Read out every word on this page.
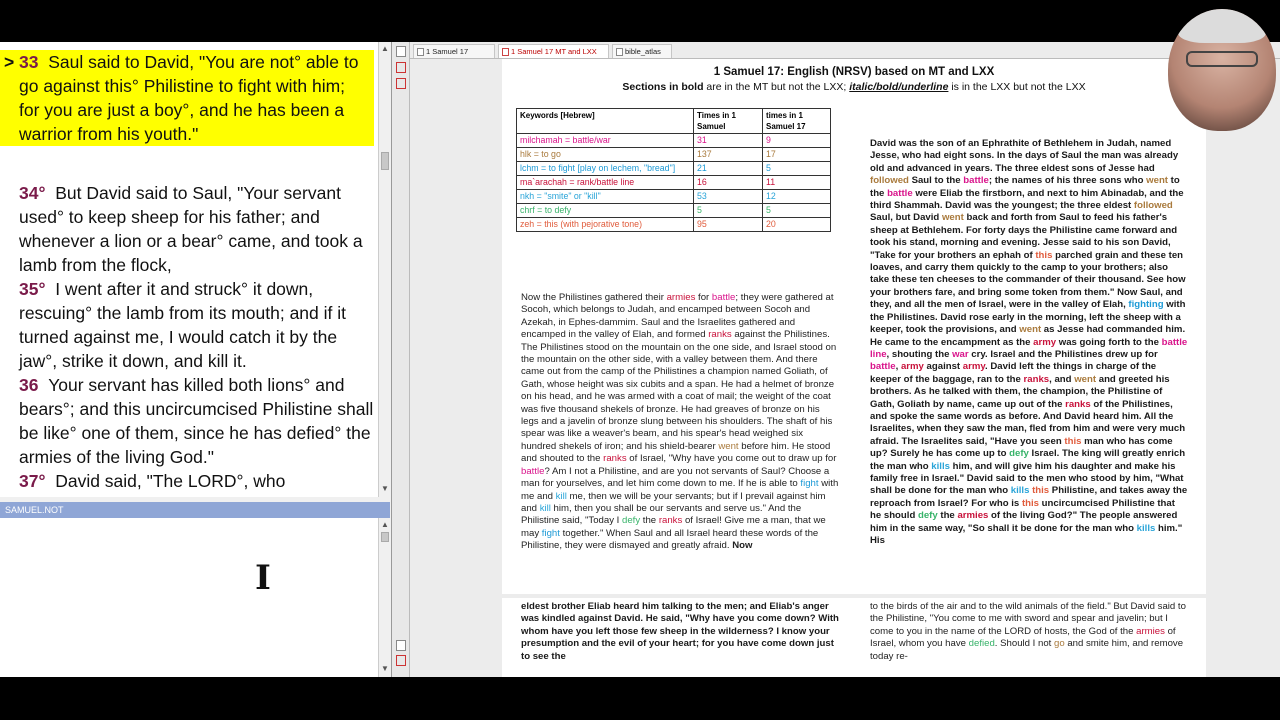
> 33 Saul said to David, "You are not° able to go against this° Philistine to fight with him; for you are just a boy°, and he has been a warrior from his youth."
34° But David said to Saul, "Your servant used° to keep sheep for his father; and whenever a lion or a bear° came, and took a lamb from the flock,
35° I went after it and struck° it down, rescuing° the lamb from its mouth; and if it turned against me, I would catch it by the jaw°, strike it down, and kill it.
36 Your servant has killed both lions° and bears°; and this uncircumcised Philistine shall be like° one of them, since he has defied° the armies of the living God."
37° David said, "The LORD°, who
▲
▼
SAMUEL.NOT
▲
▼
I
1 Samuel 17	1 Samuel 17 MT and LXX	bible_atlas
1 Samuel 17: English (NRSV) based on MT and LXX
Sections in bold are in the MT but not the LXX; italic/bold/underline is in the LXX but not the LXX
Keywords [Hebrew]	Times in 1 Samuel	times in 1 Samuel 17
milchamah = battle/war	31	9
hlk = to go	137	17
lchm = to fight [play on lechem, "bread"]	21	5
ma`arachah = rank/battle line	16	11
nkh = "smite" or "kill"	53	12
chrf = to defy	5	5
zeh = this (with pejorative tone)	95	20
Now the Philistines gathered their armies for battle; they were gathered at Socoh, which belongs to Judah, and encamped between Socoh and Azekah, in Ephes-dammim. Saul and the Israelites gathered and encamped in the valley of Elah, and formed ranks against the Philistines. The Philistines stood on the mountain on the one side, and Israel stood on the mountain on the other side, with a valley between them. And there came out from the camp of the Philistines a champion named Goliath, of Gath, whose height was six cubits and a span. He had a helmet of bronze on his head, and he was armed with a coat of mail; the weight of the coat was five thousand shekels of bronze. He had greaves of bronze on his legs and a javelin of bronze slung between his shoulders. The shaft of his spear was like a weaver's beam, and his spear's head weighed six hundred shekels of iron; and his shield-bearer went before him. He stood and shouted to the ranks of Israel, "Why have you come out to draw up for battle? Am I not a Philistine, and are you not servants of Saul? Choose a man for yourselves, and let him come down to me. If he is able to fight with me and kill me, then we will be your servants; but if I prevail against him and kill him, then you shall be our servants and serve us." And the Philistine said, "Today I defy the ranks of Israel! Give me a man, that we may fight together." When Saul and all Israel heard these words of the Philistine, they were dismayed and greatly afraid. Now
David was the son of an Ephrathite of Bethlehem in Judah, named Jesse, who had eight sons. In the days of Saul the man was already old and advanced in years. The three eldest sons of Jesse had followed Saul to the battle; the names of his three sons who went to the battle were Eliab the firstborn, and next to him Abinadab, and the third Shammah. David was the youngest; the three eldest followed Saul, but David went back and forth from Saul to feed his father's sheep at Bethlehem. For forty days the Philistine came forward and took his stand, morning and evening. Jesse said to his son David, "Take for your brothers an ephah of this parched grain and these ten loaves, and carry them quickly to the camp to your brothers; also take these ten cheeses to the commander of their thousand. See how your brothers fare, and bring some token from them." Now Saul, and they, and all the men of Israel, were in the valley of Elah, fighting with the Philistines. David rose early in the morning, left the sheep with a keeper, took the provisions, and went as Jesse had commanded him. He came to the encampment as the army was going forth to the battle line, shouting the war cry. Israel and the Philistines drew up for battle, army against army. David left the things in charge of the keeper of the baggage, ran to the ranks, and went and greeted his brothers. As he talked with them, the champion, the Philistine of Gath, Goliath by name, came up out of the ranks of the Philistines, and spoke the same words as before. And David heard him. All the Israelites, when they saw the man, fled from him and were very much afraid. The Israelites said, "Have you seen this man who has come up? Surely he has come up to defy Israel. The king will greatly enrich the man who kills him, and will give him his daughter and make his family free in Israel." David said to the men who stood by him, "What shall be done for the man who kills this Philistine, and takes away the reproach from Israel? For who is this uncircumcised Philistine that he should defy the armies of the living God?" The people answered him in the same way, "So shall it be done for the man who kills him." His
eldest brother Eliab heard him talking to the men; and Eliab's anger was kindled against David. He said, "Why have you come down? With whom have you left those few sheep in the wilderness? I know your presumption and the evil of your heart; for you have come down just to see the
to the birds of the air and to the wild animals of the field." But David said to the Philistine, "You come to me with sword and spear and javelin; but I come to you in the name of the LORD of hosts, the God of the armies of Israel, whom you have defied. Should I not go and smite him, and remove today re-
